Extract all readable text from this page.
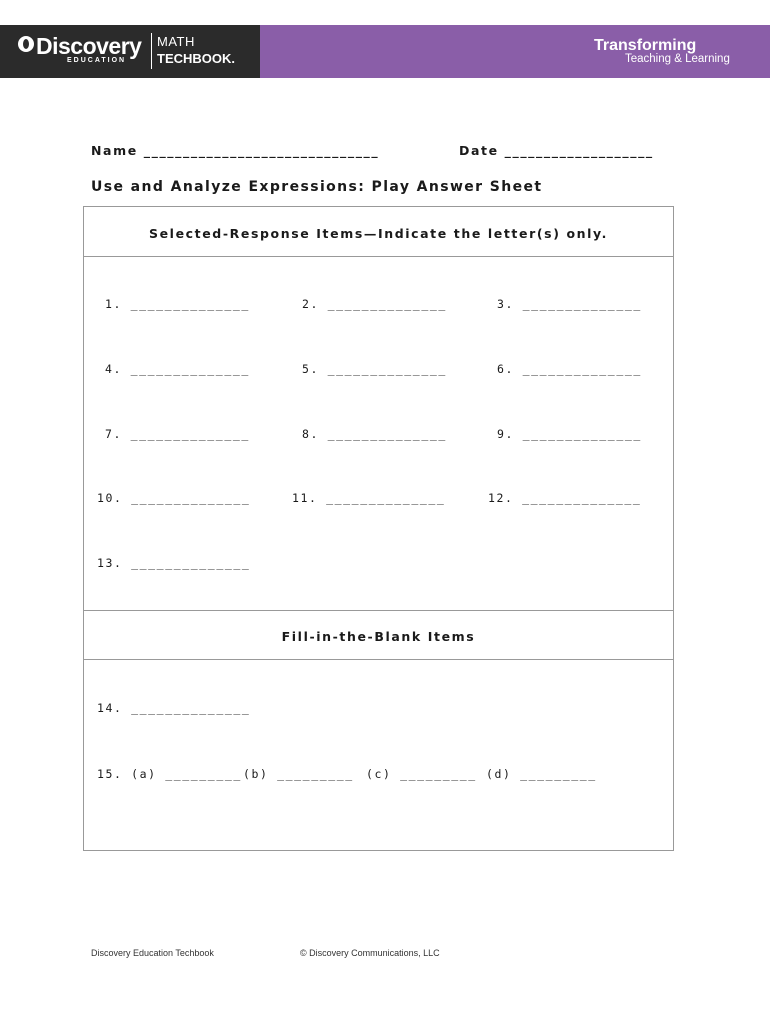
Discovery
EDUCATION
MATH
TECHBOOK.
Transforming
Teaching & Learning
Name ______________________________	Date ___________________
Use and Analyze Expressions: Play Answer Sheet
Selected-Response Items—Indicate the letter(s) only.
1. ______________	2. ______________	3. ______________
4. ______________	5. ______________	6. ______________
7. ______________	8. ______________	9. ______________
10. ______________	11. ______________	12. ______________
13. ______________
Fill-in-the-Blank Items
14. ______________
15. (a) _________ (b) _________ (c) _________ (d) _________
Discovery Education Techbook	© Discovery Communications, LLC
